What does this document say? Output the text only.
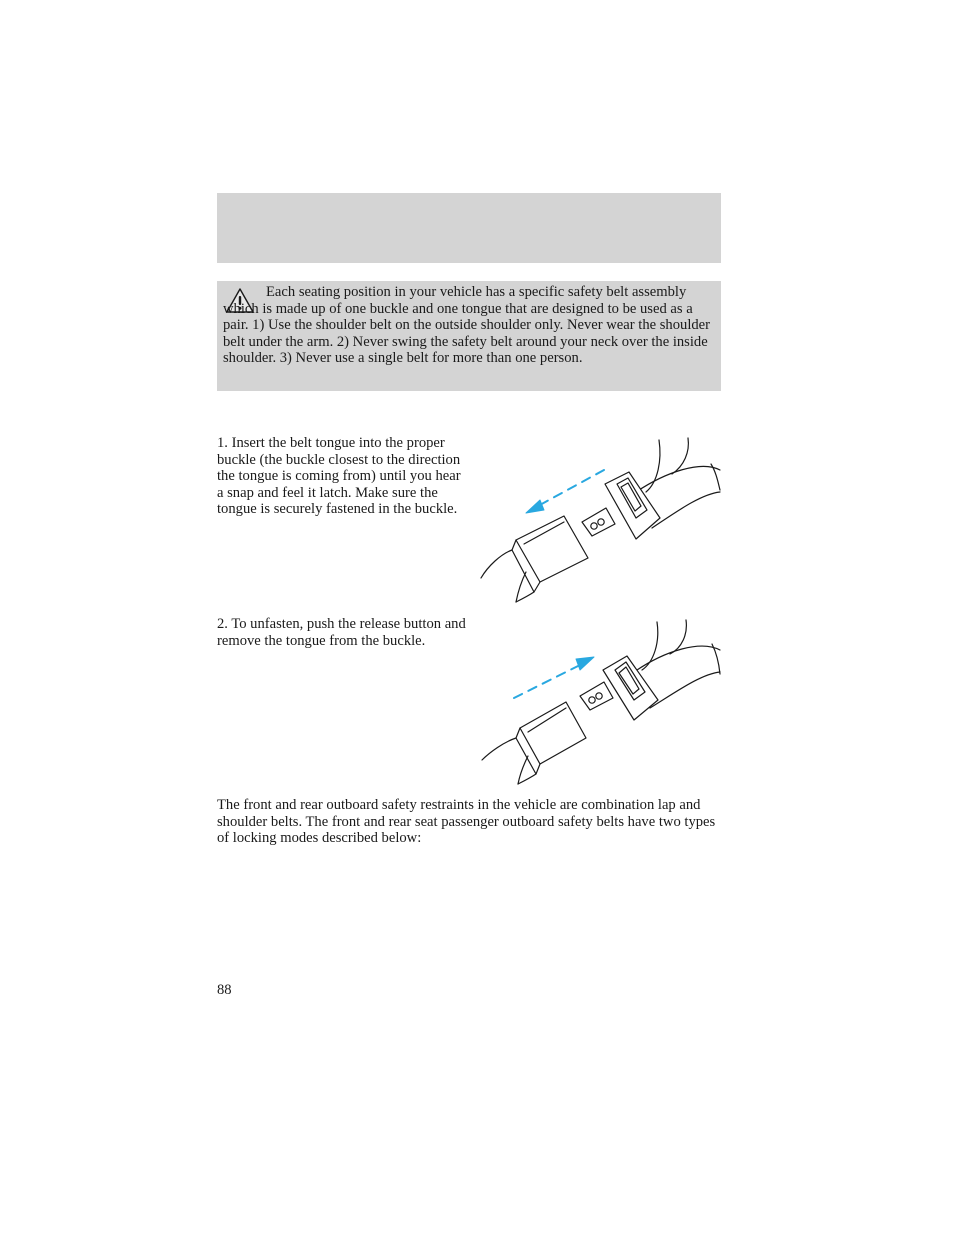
Each seating position in your vehicle has a specific safety belt assembly which is made up of one buckle and one tongue that are designed to be used as a pair. 1) Use the shoulder belt on the outside shoulder only. Never wear the shoulder belt under the arm. 2) Never swing the safety belt around your neck over the inside shoulder. 3) Never use a single belt for more than one person.

1. Insert the belt tongue into the proper buckle (the buckle closest to the direction the tongue is coming from) until you hear a snap and feel it latch. Make sure the tongue is securely fastened in the buckle.

2. To unfasten, push the release button and remove the tongue from the buckle.

The front and rear outboard safety restraints in the vehicle are combination lap and shoulder belts. The front and rear seat passenger outboard safety belts have two types of locking modes described below:

88
